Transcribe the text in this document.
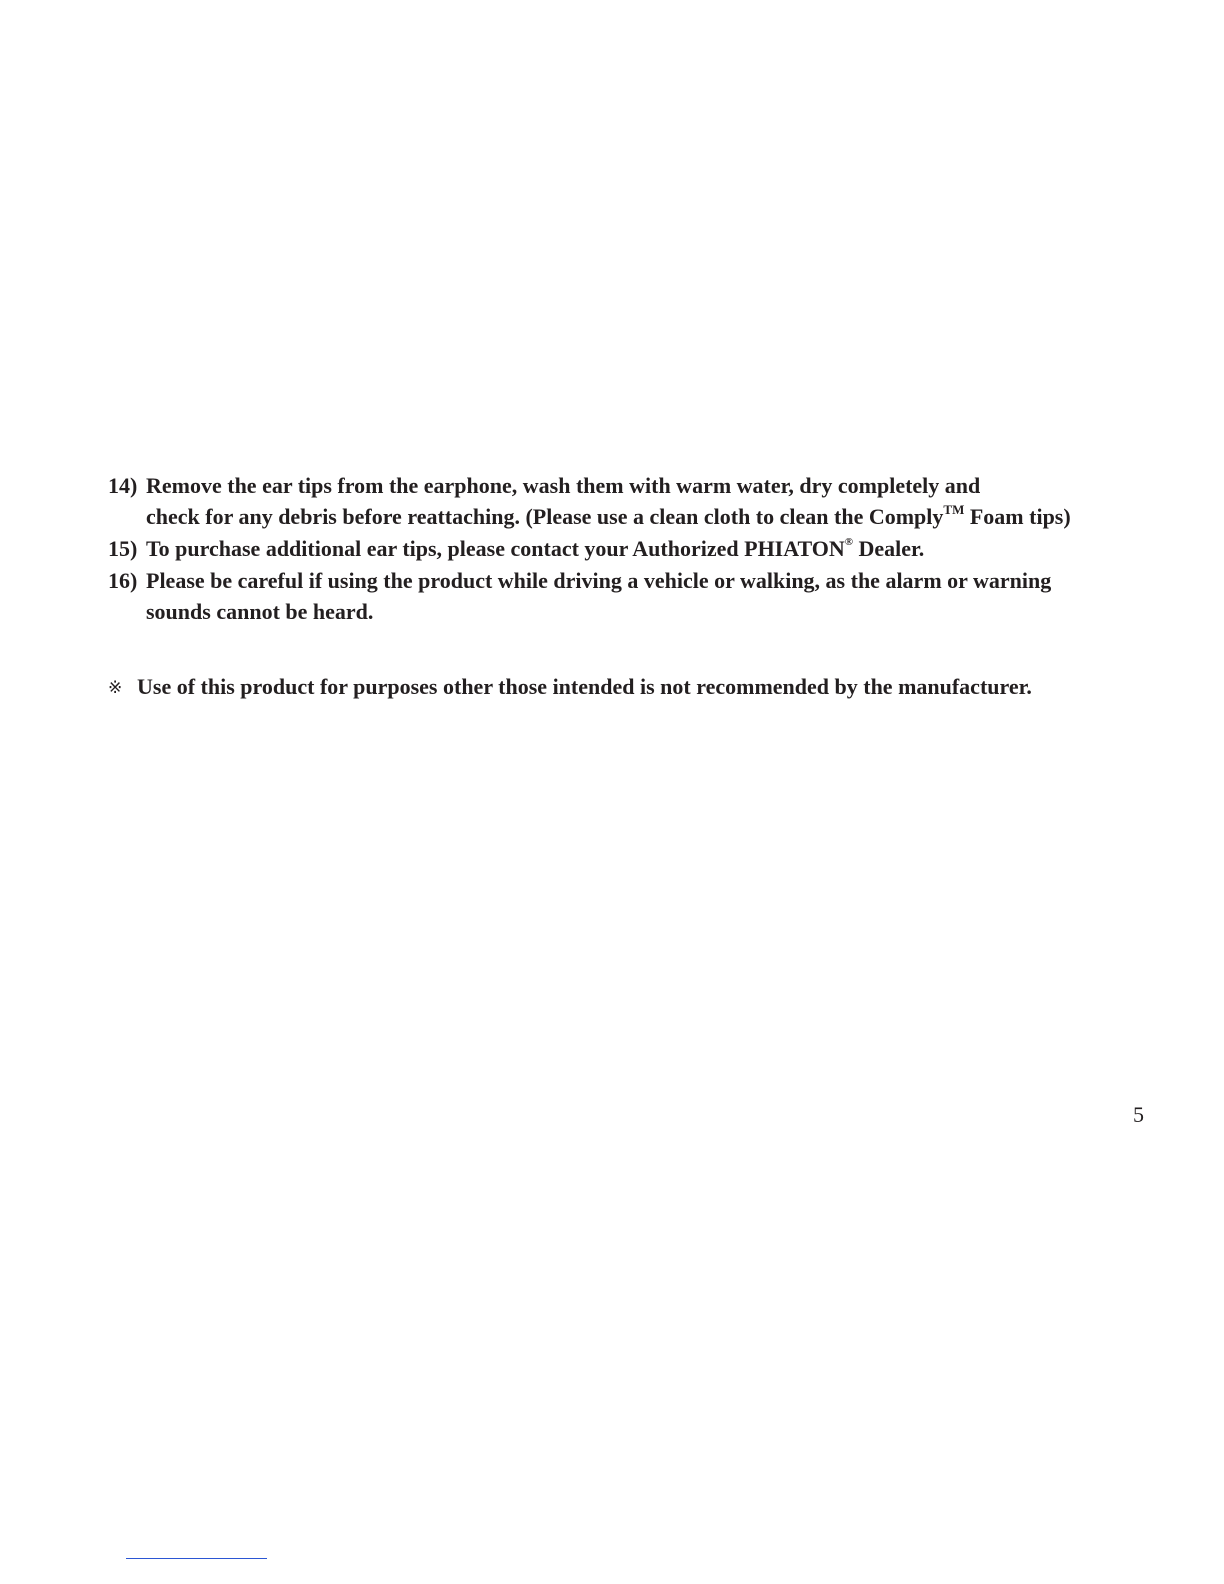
14) Remove the ear tips from the earphone, wash them with warm water, dry completely and
check for any debris before reattaching. (Please use a clean cloth to clean the Comply™ Foam tips)
15) To purchase additional ear tips, please contact your Authorized PHIATON® Dealer.
16) Please be careful if using the product while driving a vehicle or walking, as the alarm or warning
sounds cannot be heard.
※ Use of this product for purposes other those intended is not recommended by the manufacturer.
5
